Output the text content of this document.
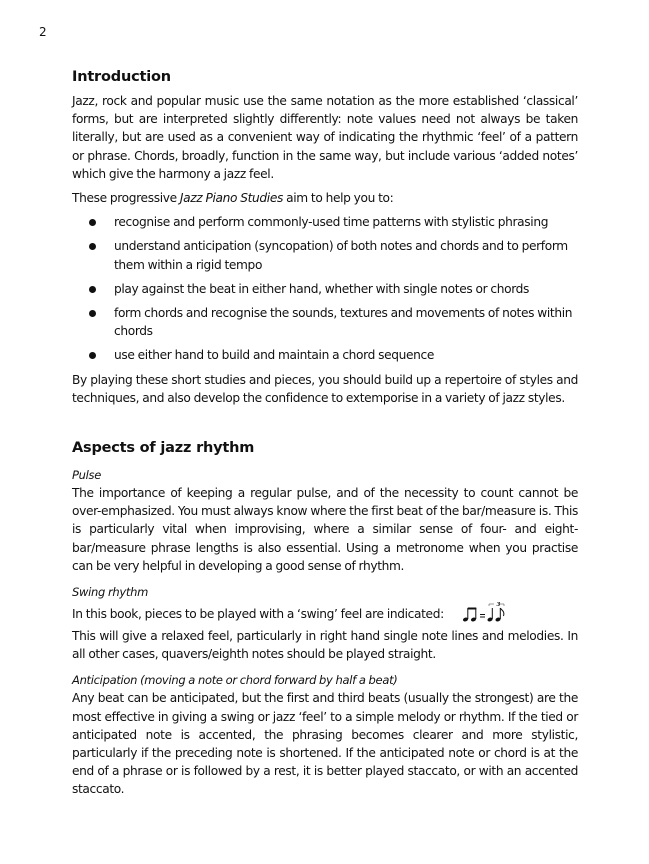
2
Introduction

Jazz, rock and popular music use the same notation as the more established ‘classical’ forms, but are interpreted slightly differently: note values need not always be taken literally, but are used as a convenient way of indicating the rhythmic ‘feel’ of a pattern or phrase. Chords, broadly, function in the same way, but include various ‘added notes’ which give the harmony a jazz feel.

These progressive Jazz Piano Studies aim to help you to:

recognise and perform commonly-used time patterns with stylistic phrasing
understand anticipation (syncopation) of both notes and chords and to perform them within a rigid tempo
play against the beat in either hand, whether with single notes or chords
form chords and recognise the sounds, textures and movements of notes within chords
use either hand to build and maintain a chord sequence

By playing these short studies and pieces, you should build up a repertoire of styles and techniques, and also develop the confidence to extemporise in a variety of jazz styles.

Aspects of jazz rhythm

Pulse

The importance of keeping a regular pulse, and of the necessity to count cannot be over-emphasized. You must always know where the first beat of the bar/measure is. This is particularly vital when improvising, where a similar sense of four- and eight-bar/measure phrase lengths is also essential. Using a metronome when you practise can be very helpful in developing a good sense of rhythm.

Swing rhythm

In this book, pieces to be played with a ‘swing’ feel are indicated:

3

This will give a relaxed feel, particularly in right hand single note lines and melodies. In all other cases, quavers/eighth notes should be played straight.

Anticipation (moving a note or chord forward by half a beat)

Any beat can be anticipated, but the first and third beats (usually the strongest) are the most effective in giving a swing or jazz ‘feel’ to a simple melody or rhythm. If the tied or anticipated note is accented, the phrasing becomes clearer and more stylistic, particularly if the preceding note is shortened. If the anticipated note or chord is at the end of a phrase or is followed by a rest, it is better played staccato, or with an accented staccato.
